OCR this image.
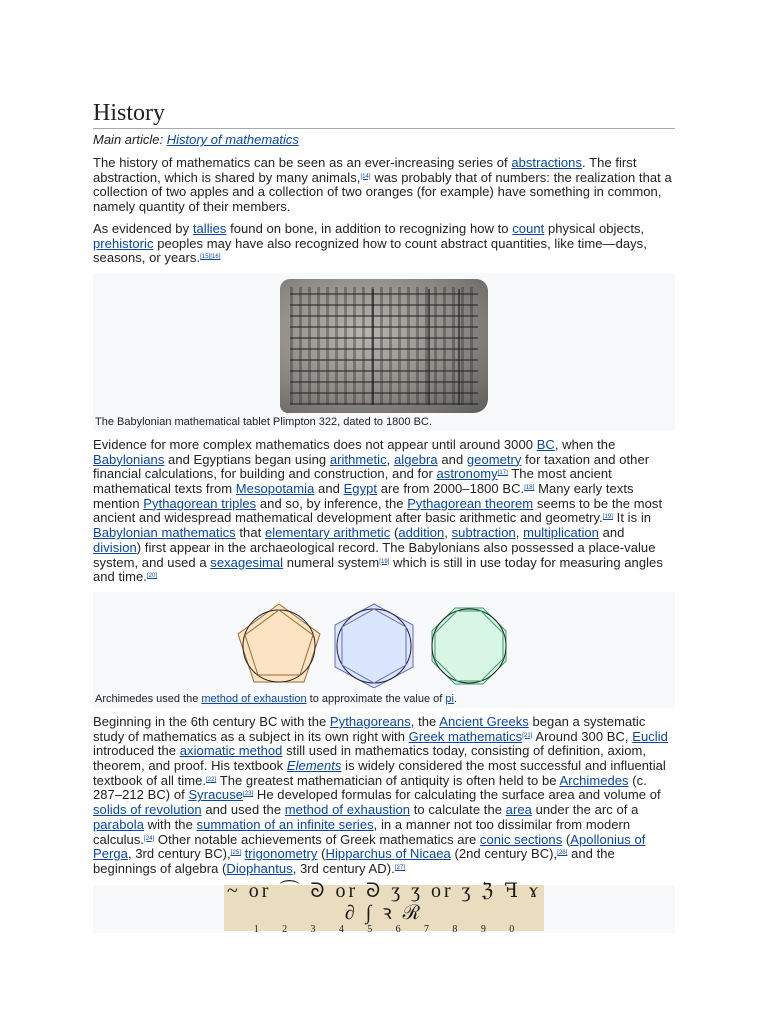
History
Main article: History of mathematics

The history of mathematics can be seen as an ever-increasing series of abstractions. The first abstraction, which is shared by many animals,[14] was probably that of numbers: the realization that a collection of two apples and a collection of two oranges (for example) have something in common, namely quantity of their members.

As evidenced by tallies found on bone, in addition to recognizing how to count physical objects, prehistoric peoples may have also recognized how to count abstract quantities, like time—days, seasons, or years.[15][16]

The Babylonian mathematical tablet Plimpton 322, dated to 1800 BC.

Evidence for more complex mathematics does not appear until around 3000 BC, when the Babylonians and Egyptians began using arithmetic, algebra and geometry for taxation and other financial calculations, for building and construction, and for astronomy[17] The most ancient mathematical texts from Mesopotamia and Egypt are from 2000–1800 BC.[18] Many early texts mention Pythagorean triples and so, by inference, the Pythagorean theorem seems to be the most ancient and widespread mathematical development after basic arithmetic and geometry.[19] It is in Babylonian mathematics that elementary arithmetic (addition, subtraction, multiplication and division) first appear in the archaeological record. The Babylonians also possessed a place-value system, and used a sexagesimal numeral system[19] which is still in use today for measuring angles and time.[20]

Archimedes used the method of exhaustion to approximate the value of pi.

Beginning in the 6th century BC with the Pythagoreans, the Ancient Greeks began a systematic study of mathematics as a subject in its own right with Greek mathematics[21] Around 300 BC, Euclid introduced the axiomatic method still used in mathematics today, consisting of definition, axiom, theorem, and proof. His textbook Elements is widely considered the most successful and influential textbook of all time.[22] The greatest mathematician of antiquity is often held to be Archimedes (c. 287–212 BC) of Syracuse[23] He developed formulas for calculating the surface area and volume of solids of revolution and used the method of exhaustion to calculate the area under the arc of a parabola with the summation of an infinite series, in a manner not too dissimilar from modern calculus.[24] Other notable achievements of Greek mathematics are conic sections (Apollonius of Perga, 3rd century BC),[25] trigonometry (Hipparchus of Nicaea (2nd century BC),[26] and the beginnings of algebra (Diophantus, 3rd century AD).[27]

~ or ⌒ ᘐ or ᘐ ʒ ʒ or ʒ ℨ ꟻ ɤ ∂ ∫ ꝛ ℛ
1	2	3	4	5	6	7	8	9	0
